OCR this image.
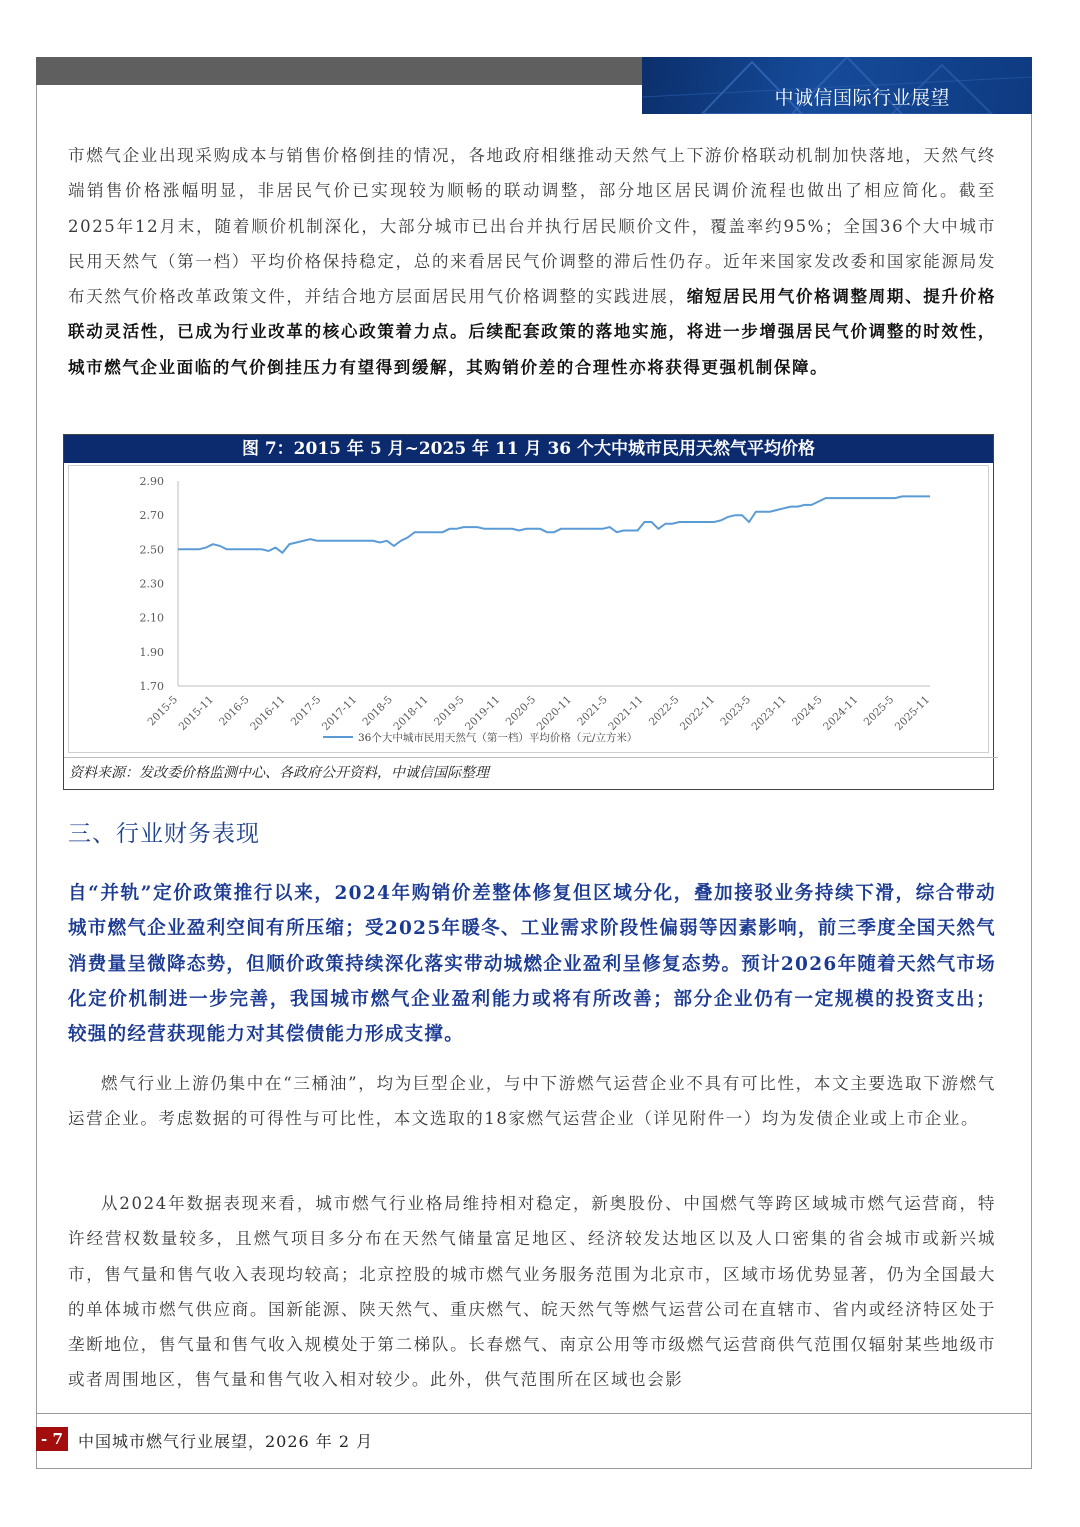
中诚信国际行业展望

市燃气企业出现采购成本与销售价格倒挂的情况，各地政府相继推动天然气上下游价格联动机制加快落地，天然气终端销售价格涨幅明显，非居民气价已实现较为顺畅的联动调整，部分地区居民调价流程也做出了相应简化。截至2025年12月末，随着顺价机制深化，大部分城市已出台并执行居民顺价文件，覆盖率约95%；全国36个大中城市民用天然气（第一档）平均价格保持稳定，总的来看居民气价调整的滞后性仍存。近年来国家发改委和国家能源局发布天然气价格改革政策文件，并结合地方层面居民用气价格调整的实践进展，缩短居民用气价格调整周期、提升价格联动灵活性，已成为行业改革的核心政策着力点。后续配套政策的落地实施，将进一步增强居民气价调整的时效性，城市燃气企业面临的气价倒挂压力有望得到缓解，其购销价差的合理性亦将获得更强机制保障。

图 7：2015 年 5 月~2025 年 11 月 36 个大中城市民用天然气平均价格
2.90
2.70
2.50
2.30
2.10
1.90
1.70
2015-5
2015-11 2016-5
2016-11 2017-5
2017-11 2018-5
2018-11 2019-5
2019-11 2020-5
2020-11 2021-5
2021-11 2022-5
2022-11 2023-5
2023-11 2024-5
2024-11 2025-5
2025-11
36个大中城市民用天然气（第一档）平均价格（元/立方米）
资料来源：发改委价格监测中心、各政府公开资料，中诚信国际整理
三、行业财务表现

自“并轨”定价政策推行以来，2024年购销价差整体修复但区域分化，叠加接驳业务持续下滑，综合带动城市燃气企业盈利空间有所压缩；受2025年暖冬、工业需求阶段性偏弱等因素影响，前三季度全国天然气消费量呈微降态势，但顺价政策持续深化落实带动城燃企业盈利呈修复态势。预计2026年随着天然气市场化定价机制进一步完善，我国城市燃气企业盈利能力或将有所改善；部分企业仍有一定规模的投资支出；较强的经营获现能力对其偿债能力形成支撑。

燃气行业上游仍集中在“三桶油”，均为巨型企业，与中下游燃气运营企业不具有可比性，本文主要选取下游燃气运营企业。考虑数据的可得性与可比性，本文选取的18家燃气运营企业（详见附件一）均为发债企业或上市企业。

从2024年数据表现来看，城市燃气行业格局维持相对稳定，新奥股份、中国燃气等跨区域城市燃气运营商，特许经营权数量较多，且燃气项目多分布在天然气储量富足地区、经济较发达地区以及人口密集的省会城市或新兴城市，售气量和售气收入表现均较高；北京控股的城市燃气业务服务范围为北京市，区域市场优势显著，仍为全国最大的单体城市燃气供应商。国新能源、陕天然气、重庆燃气、皖天然气等燃气运营公司在直辖市、省内或经济特区处于垄断地位，售气量和售气收入规模处于第二梯队。长春燃气、南京公用等市级燃气运营商供气范围仅辐射某些地级市或者周围地区，售气量和售气收入相对较少。此外，供气范围所在区域也会影

- 7 -
中国城市燃气行业展望，2026 年 2 月
